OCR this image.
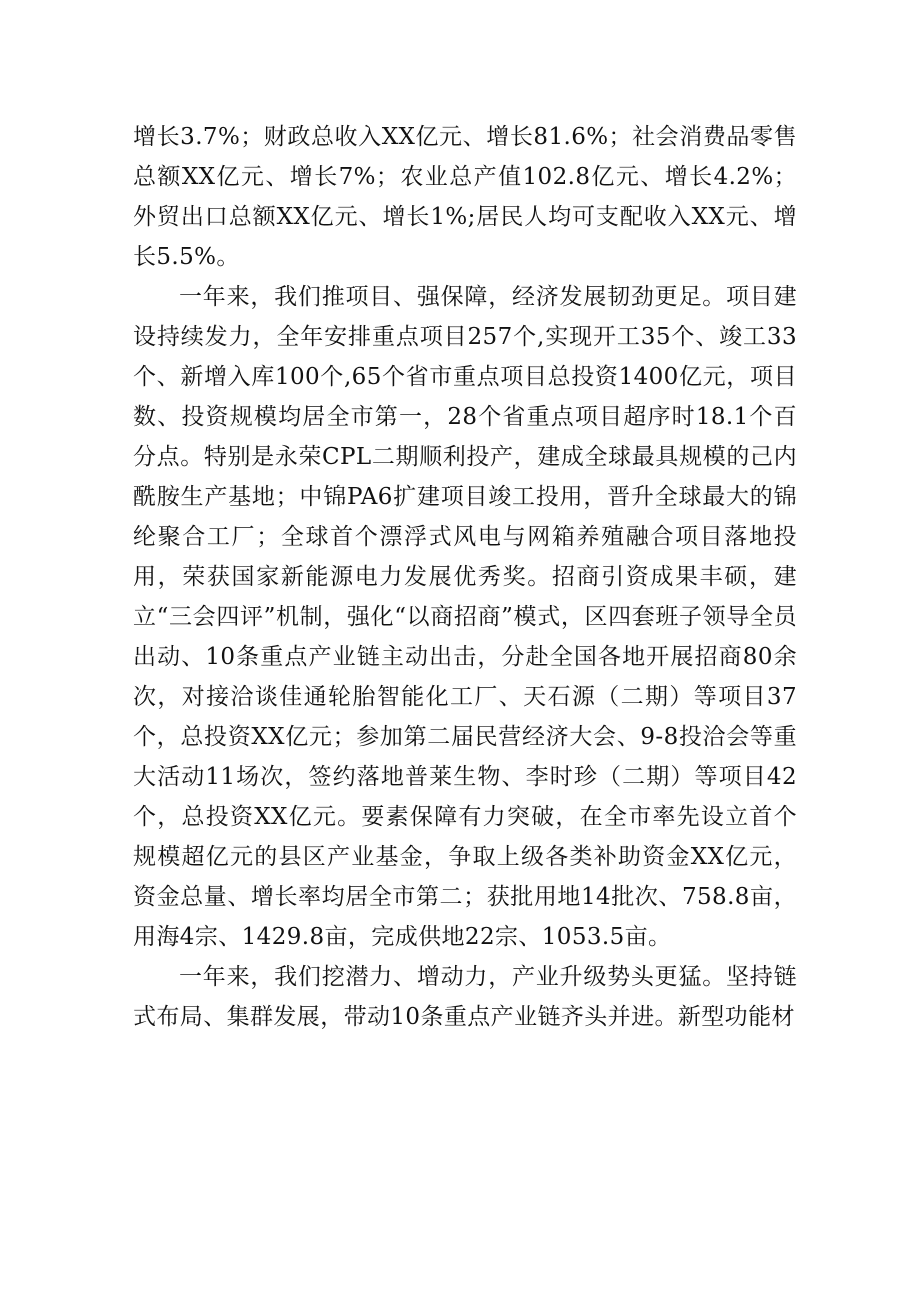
增长3.7%；财政总收入XX亿元、增长81.6%；社会消费品零售总额XX亿元、增长7%；农业总产值102.8亿元、增长4.2%；外贸出口总额XX亿元、增长1%;居民人均可支配收入XX元、增长5.5%。

一年来，我们推项目、强保障，经济发展韧劲更足。项目建设持续发力，全年安排重点项目257个,实现开工35个、竣工33个、新增入库100个,65个省市重点项目总投资1400亿元，项目数、投资规模均居全市第一，28个省重点项目超序时18.1个百分点。特别是永荣CPL二期顺利投产，建成全球最具规模的己内酰胺生产基地；中锦PA6扩建项目竣工投用，晋升全球最大的锦纶聚合工厂；全球首个漂浮式风电与网箱养殖融合项目落地投用，荣获国家新能源电力发展优秀奖。招商引资成果丰硕，建立“三会四评”机制，强化“以商招商”模式，区四套班子领导全员出动、10条重点产业链主动出击，分赴全国各地开展招商80余次，对接洽谈佳通轮胎智能化工厂、天石源（二期）等项目37个，总投资XX亿元；参加第二届民营经济大会、9-8投洽会等重大活动11场次，签约落地普莱生物、李时珍（二期）等项目42个，总投资XX亿元。要素保障有力突破，在全市率先设立首个规模超亿元的县区产业基金，争取上级各类补助资金XX亿元，资金总量、增长率均居全市第二；获批用地14批次、758.8亩，用海4宗、1429.8亩，完成供地22宗、1053.5亩。

一年来，我们挖潜力、增动力，产业升级势头更猛。坚持链式布局、集群发展，带动10条重点产业链齐头并进。新型功能材
